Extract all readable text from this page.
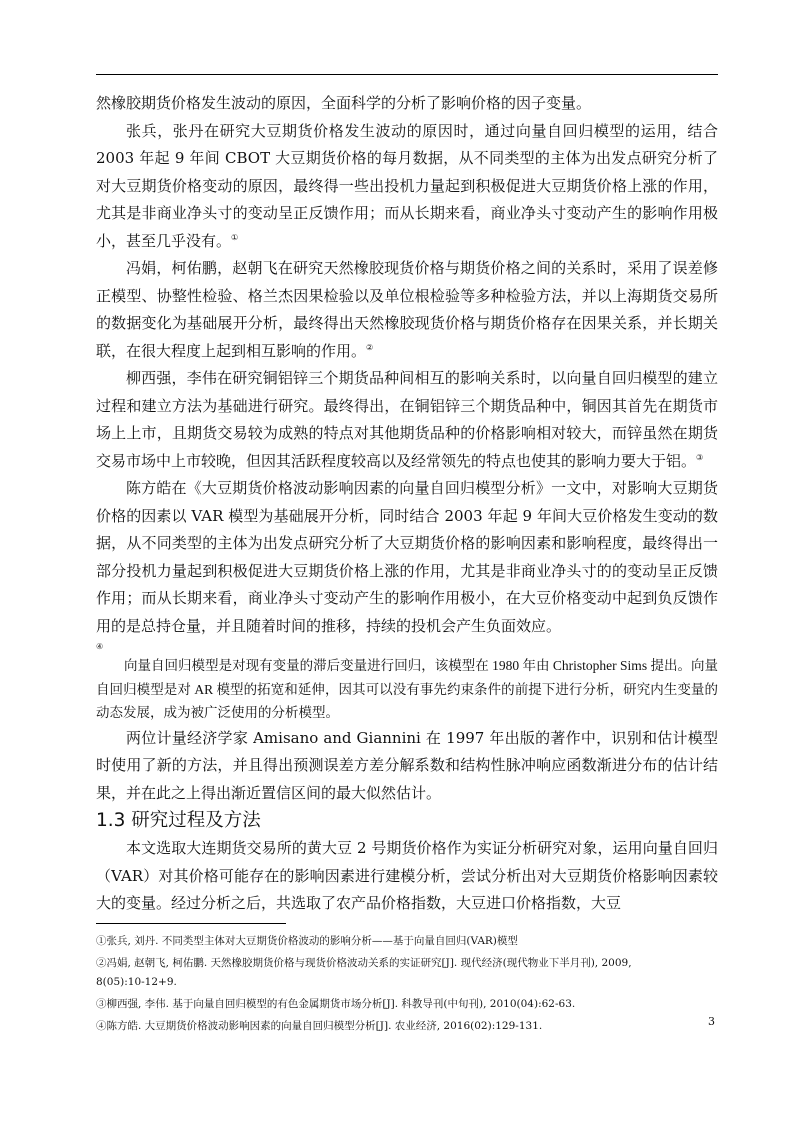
然橡胶期货价格发生波动的原因，全面科学的分析了影响价格的因子变量。

张兵，张丹在研究大豆期货价格发生波动的原因时，通过向量自回归模型的运用，结合 2003 年起 9 年间 CBOT 大豆期货价格的每月数据，从不同类型的主体为出发点研究分析了对大豆期货价格变动的原因，最终得一些出投机力量起到积极促进大豆期货价格上涨的作用，尤其是非商业净头寸的变动呈正反馈作用；而从长期来看，商业净头寸变动产生的影响作用极小，甚至几乎没有。①

冯娟，柯佑鹏，赵朝飞在研究天然橡胶现货价格与期货价格之间的关系时，采用了误差修正模型、协整性检验、格兰杰因果检验以及单位根检验等多种检验方法，并以上海期货交易所的数据变化为基础展开分析，最终得出天然橡胶现货价格与期货价格存在因果关系，并长期关联，在很大程度上起到相互影响的作用。②

柳西强，李伟在研究铜铝锌三个期货品种间相互的影响关系时，以向量自回归模型的建立过程和建立方法为基础进行研究。最终得出，在铜铝锌三个期货品种中，铜因其首先在期货市场上上市，且期货交易较为成熟的特点对其他期货品种的价格影响相对较大，而锌虽然在期货交易市场中上市较晚，但因其活跃程度较高以及经常领先的特点也使其的影响力要大于铝。③

陈方皓在《大豆期货价格波动影响因素的向量自回归模型分析》一文中，对影响大豆期货价格的因素以 VAR 模型为基础展开分析，同时结合 2003 年起 9 年间大豆价格发生变动的数据，从不同类型的主体为出发点研究分析了大豆期货价格的影响因素和影响程度，最终得出一部分投机力量起到积极促进大豆期货价格上涨的作用，尤其是非商业净头寸的的变动呈正反馈作用；而从长期来看，商业净头寸变动产生的影响作用极小，在大豆价格变动中起到负反馈作用的是总持仓量，并且随着时间的推移，持续的投机会产生负面效应。

④

向量自回归模型是对现有变量的滞后变量进行回归，该模型在 1980 年由 Christopher Sims 提出。向量自回归模型是对 AR 模型的拓宽和延伸，因其可以没有事先约束条件的前提下进行分析，研究内生变量的动态发展，成为被广泛使用的分析模型。

两位计量经济学家 Amisano and Giannini 在 1997 年出版的著作中，识别和估计模型时使用了新的方法，并且得出预测误差方差分解系数和结构性脉冲响应函数渐进分布的估计结果，并在此之上得出渐近置信区间的最大似然估计。

1.3 研究过程及方法

本文选取大连期货交易所的黄大豆 2 号期货价格作为实证分析研究对象，运用向量自回归（VAR）对其价格可能存在的影响因素进行建模分析，尝试分析出对大豆期货价格影响因素较大的变量。经过分析之后，共选取了农产品价格指数，大豆进口价格指数，大豆

①张兵, 刘丹. 不同类型主体对大豆期货价格波动的影响分析——基于向量自回归(VAR)模型

②冯娟, 赵朝飞, 柯佑鹏. 天然橡胶期货价格与现货价格波动关系的实证研究[J]. 现代经济(现代物业下半月刊), 2009, 8(05):10-12+9.

③柳西强, 李伟. 基于向量自回归模型的有色金属期货市场分析[J]. 科教导刊(中旬刊), 2010(04):62-63.

④陈方皓. 大豆期货价格波动影响因素的向量自回归模型分析[J]. 农业经济, 2016(02):129-131.	3
